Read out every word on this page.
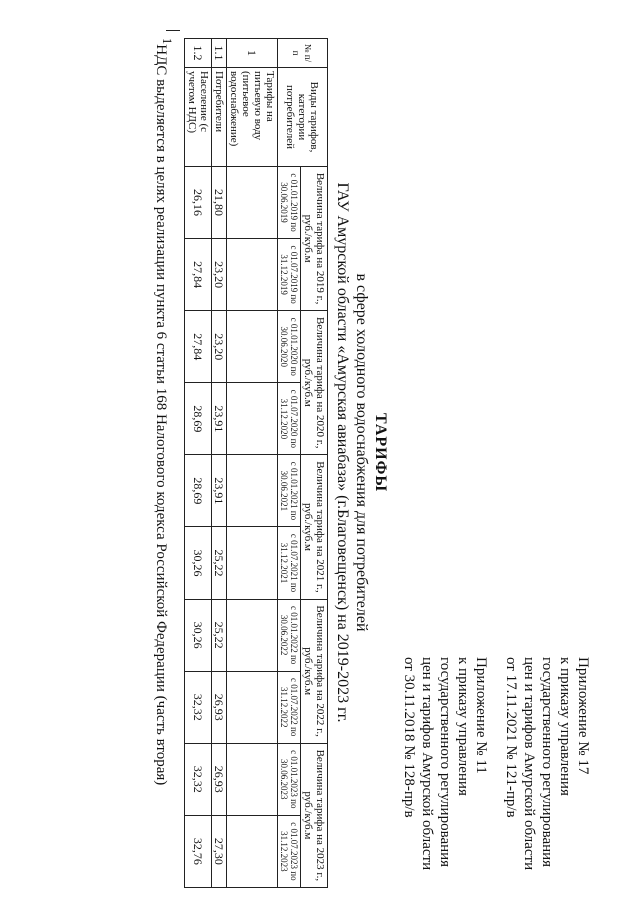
Приложение № 17
к приказу управления
государственного регулирования
цен и тарифов Амурской области
от 17.11.2021 № 121-пр/в
Приложение № 11
к приказу управления
государственного регулирования
цен и тарифов Амурской области
от 30.11.2018 № 128-пр/в
ТАРИФЫ
в сфере холодного водоснабжения для потребителей
ГАУ Амурской области «Амурская авиабаза» (г.Благовещенск) на 2019-2023 гг.
№ п/п	Виды тарифов, категории потребителей	Величина тарифа на 2019 г., руб./куб.м		Величина тарифа на 2020 г., руб./куб.м		Величина тарифа на 2021 г., руб./куб.м		Величина тарифа на 2022 г., руб./куб.м		Величина тарифа на 2023 г., руб./куб.м	
		с 01.01.2019 по 30.06.2019	с 01.07.2019 по 31.12.2019	с 01.01.2020 по 30.06.2020	с 01.07.2020 по 31.12.2020	с 01.01.2021 по 30.06.2021	с 01.07.2021 по 31.12.2021	с 01.01.2022 по 30.06.2022	с 01.07.2022 по 31.12.2022	с 01.01.2023 по 30.06.2023	с 01.07.2023 по 31.12.2023
1	Тарифы на питьевую воду (питьевое водоснабжение)										
1.1	Потребители	21,80	23,20	23,20	23,91	23,91	25,22	25,22	26,93	26,93	27,30
1.2	Население (с учетом НДС)	26,16	27,84	27,84	28,69	28,69	30,26	30,26	32,32	32,32	32,76
$^1$НДС выделяется в целях реализации пункта 6 статьи 168 Налогового кодекса Российской Федерации (часть вторая)
